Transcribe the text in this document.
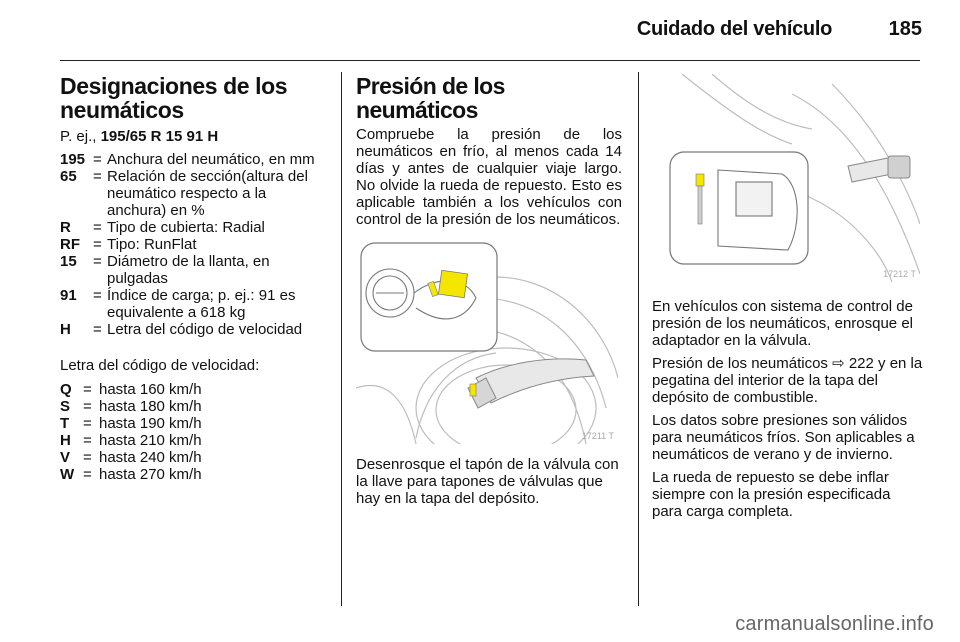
Cuidado del vehículo	185
Designaciones de los neumáticos

P. ej., 195/65 R 15 91 H

195 = Anchura del neumático, en mm
65	= Relación de sección(altura del neumático respecto a la anchura) en %
R	= Tipo de cubierta: Radial
RF = Tipo: RunFlat
15	= Diámetro de la llanta, en pulgadas
91	= Índice de carga; p. ej.: 91 es equivalente a 618 kg
H	= Letra del código de velocidad

Letra del código de velocidad:

Q = hasta 160 km/h
S = hasta 180 km/h
T = hasta 190 km/h
H = hasta 210 km/h
V = hasta 240 km/h
W = hasta 270 km/h
Presión de los neumáticos

Compruebe la presión de los neumáticos en frío, al menos cada 14 días y antes de cualquier viaje largo. No olvide la rueda de repuesto. Esto es aplicable también a los vehículos con control de la presión de los neumáticos.

17211 T

Desenrosque el tapón de la válvula con la llave para tapones de válvulas que hay en la tapa del depósito.

17212 T

En vehículos con sistema de control de presión de los neumáticos, enrosque el adaptador en la válvula.

Presión de los neumáticos ⇨ 222 y en la pegatina del interior de la tapa del depósito de combustible.

Los datos sobre presiones son válidos para neumáticos fríos. Son aplicables a neumáticos de verano y de invierno.

La rueda de repuesto se debe inflar siempre con la presión especificada para carga completa.

carmanualsonline.info
